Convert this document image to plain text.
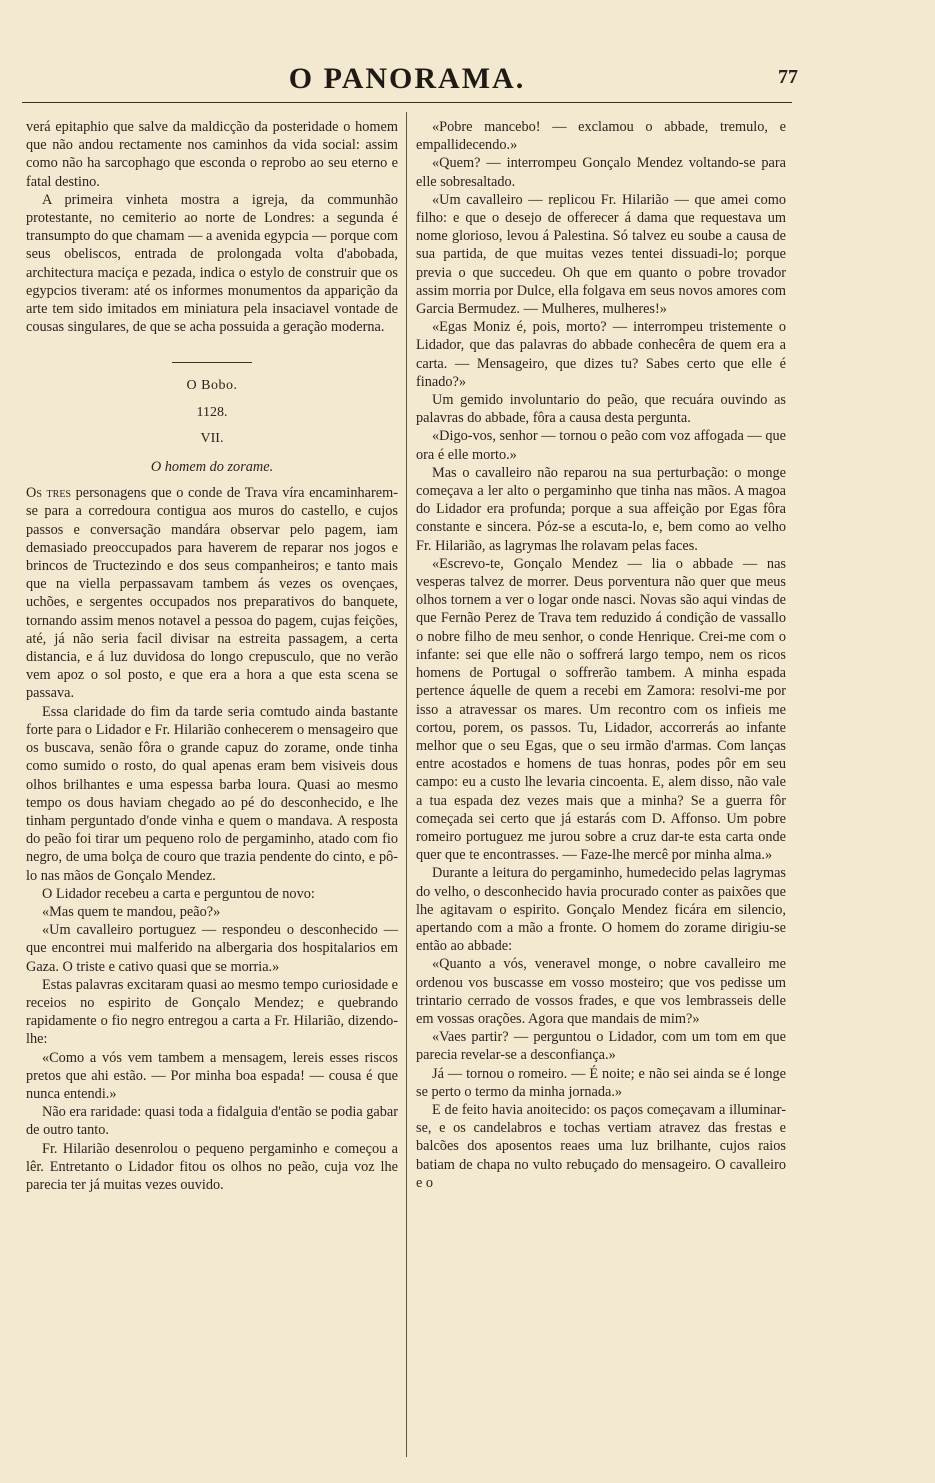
O PANORAMA.	77

verá epitaphio que salve da maldicção da posteridade o homem que não andou rectamente nos caminhos da vida social: assim como não ha sarcophago que esconda o reprobo ao seu eterno e fatal destino.

A primeira vinheta mostra a igreja, da communhão protestante, no cemiterio ao norte de Londres: a segunda é transumpto do que chamam — a avenida egypcia — porque com seus obeliscos, entrada de prolongada volta d'abobada, architectura maciça e pezada, indica o estylo de construir que os egypcios tiveram: até os informes monumentos da apparição da arte tem sido imitados em miniatura pela insaciavel vontade de cousas singulares, de que se acha possuida a geração moderna.

O Bobo.

1128.

VII.

O homem do zorame.

Os tres personagens que o conde de Trava víra encaminharem-se para a corredoura contigua aos muros do castello, e cujos passos e conversação mandára observar pelo pagem, iam demasiado preoccupados para haverem de reparar nos jogos e brincos de Tructezindo e dos seus companheiros; e tanto mais que na viella perpassavam tambem ás vezes os ovençaes, uchões, e sergentes occupados nos preparativos do banquete, tornando assim menos notavel a pessoa do pagem, cujas feições, até, já não seria facil divisar na estreita passagem, a certa distancia, e á luz duvidosa do longo crepusculo, que no verão vem apoz o sol posto, e que era a hora a que esta scena se passava.

Essa claridade do fim da tarde seria comtudo ainda bastante forte para o Lidador e Fr. Hilarião conhecerem o mensageiro que os buscava, senão fôra o grande capuz do zorame, onde tinha como sumido o rosto, do qual apenas eram bem visiveis dous olhos brilhantes e uma espessa barba loura. Quasi ao mesmo tempo os dous haviam chegado ao pé do desconhecido, e lhe tinham perguntado d'onde vinha e quem o mandava. A resposta do peão foi tirar um pequeno rolo de pergaminho, atado com fio negro, de uma bolça de couro que trazia pendente do cinto, e pô-lo nas mãos de Gonçalo Mendez.

O Lidador recebeu a carta e perguntou de novo:

«Mas quem te mandou, peão?»

«Um cavalleiro portuguez — respondeu o desconhecido — que encontrei mui malferido na albergaria dos hospitalarios em Gaza. O triste e cativo quasi que se morria.»

Estas palavras excitaram quasi ao mesmo tempo curiosidade e receios no espirito de Gonçalo Mendez; e quebrando rapidamente o fio negro entregou a carta a Fr. Hilarião, dizendo-lhe:

«Como a vós vem tambem a mensagem, lereis esses riscos pretos que ahi estão. — Por minha boa espada! — cousa é que nunca entendi.»

Não era raridade: quasi toda a fidalguia d'então se podia gabar de outro tanto.

Fr. Hilarião desenrolou o pequeno pergaminho e começou a lêr. Entretanto o Lidador fitou os olhos no peão, cuja voz lhe parecia ter já muitas vezes ouvido.

«Pobre mancebo! — exclamou o abbade, tremulo, e empallidecendo.»

«Quem? — interrompeu Gonçalo Mendez voltando-se para elle sobresaltado.

«Um cavalleiro — replicou Fr. Hilarião — que amei como filho: e que o desejo de offerecer á dama que requestava um nome glorioso, levou á Palestina. Só talvez eu soube a causa de sua partida, de que muitas vezes tentei dissuadi-lo; porque previa o que succedeu. Oh que em quanto o pobre trovador assim morria por Dulce, ella folgava em seus novos amores com Garcia Bermudez. — Mulheres, mulheres!»

«Egas Moniz é, pois, morto? — interrompeu tristemente o Lidador, que das palavras do abbade conhecêra de quem era a carta. — Mensageiro, que dizes tu? Sabes certo que elle é finado?»

Um gemido involuntario do peão, que recuára ouvindo as palavras do abbade, fôra a causa desta pergunta.

«Digo-vos, senhor — tornou o peão com voz affogada — que ora é elle morto.»

Mas o cavalleiro não reparou na sua perturbação: o monge começava a ler alto o pergaminho que tinha nas mãos. A magoa do Lidador era profunda; porque a sua affeição por Egas fôra constante e sincera. Póz-se a escuta-lo, e, bem como ao velho Fr. Hilarião, as lagrymas lhe rolavam pelas faces.

«Escrevo-te, Gonçalo Mendez — lia o abbade — nas vesperas talvez de morrer. Deus porventura não quer que meus olhos tornem a ver o logar onde nasci. Novas são aqui vindas de que Fernão Perez de Trava tem reduzido á condição de vassallo o nobre filho de meu senhor, o conde Henrique. Crei-me com o infante: sei que elle não o soffrerá largo tempo, nem os ricos homens de Portugal o soffrerão tambem. A minha espada pertence áquelle de quem a recebi em Zamora: resolvi-me por isso a atravessar os mares. Um recontro com os infieis me cortou, porem, os passos. Tu, Lidador, accorrerás ao infante melhor que o seu Egas, que o seu irmão d'armas. Com lanças entre acostados e homens de tuas honras, podes pôr em seu campo: eu a custo lhe levaria cincoenta. E, alem disso, não vale a tua espada dez vezes mais que a minha? Se a guerra fôr começada sei certo que já estarás com D. Affonso. Um pobre romeiro portuguez me jurou sobre a cruz dar-te esta carta onde quer que te encontrasses. — Faze-lhe mercê por minha alma.»

Durante a leitura do pergaminho, humedecido pelas lagrymas do velho, o desconhecido havia procurado conter as paixões que lhe agitavam o espirito. Gonçalo Mendez ficára em silencio, apertando com a mão a fronte. O homem do zorame dirigiu-se então ao abbade:

«Quanto a vós, veneravel monge, o nobre cavalleiro me ordenou vos buscasse em vosso mosteiro; que vos pedisse um trintario cerrado de vossos frades, e que vos lembrasseis delle em vossas orações. Agora que mandais de mim?»

«Vaes partir? — perguntou o Lidador, com um tom em que parecia revelar-se a desconfiança.»

Já — tornou o romeiro. — É noite; e não sei ainda se é longe se perto o termo da minha jornada.»

E de feito havia anoitecido: os paços começavam a illuminar-se, e os candelabros e tochas vertiam atravez das frestas e balcões dos aposentos reaes uma luz brilhante, cujos raios batiam de chapa no vulto rebuçado do mensageiro. O cavalleiro e o
